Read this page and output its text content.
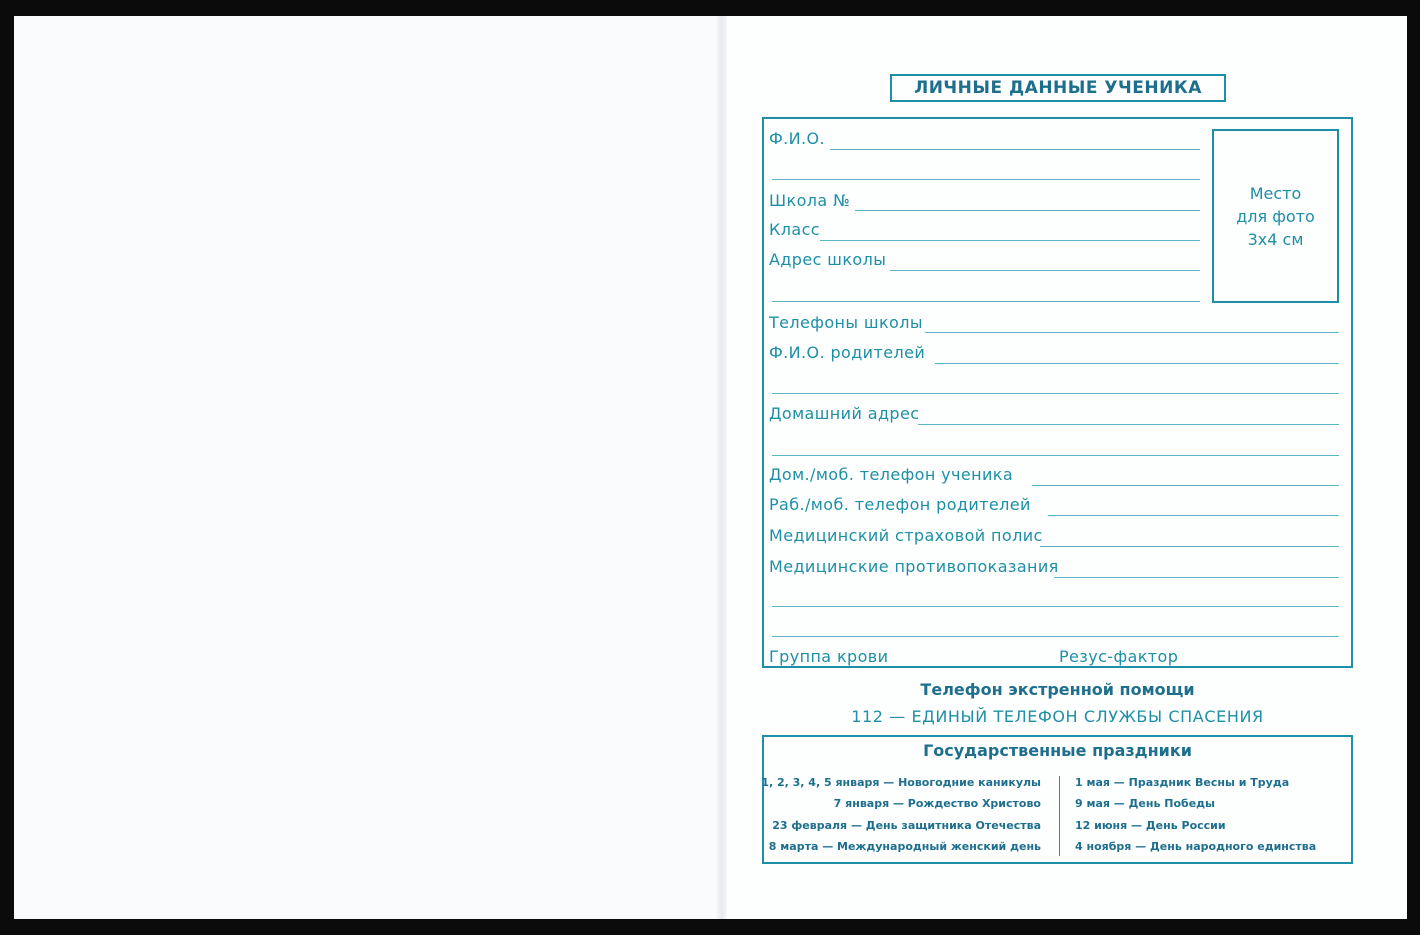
ЛИЧНЫЕ ДАННЫЕ УЧЕНИКА
Место
для фото
3х4 см
Ф.И.О.
Школа №
Класс
Адрес школы
Телефоны школы
Ф.И.О. родителей
Домашний адрес
Дом./моб. телефон ученика
Раб./моб. телефон родителей
Медицинский страховой полис
Медицинские противопоказания
Группа крови	Резус-фактор
Телефон экстренной помощи
112 — ЕДИНЫЙ ТЕЛЕФОН СЛУЖБЫ СПАСЕНИЯ
Государственные праздники
1, 2, 3, 4, 5 января — Новогодние каникулы
7 января — Рождество Христово
23 февраля — День защитника Отечества
8 марта — Международный женский день
1 мая — Праздник Весны и Труда
9 мая — День Победы
12 июня — День России
4 ноября — День народного единства
